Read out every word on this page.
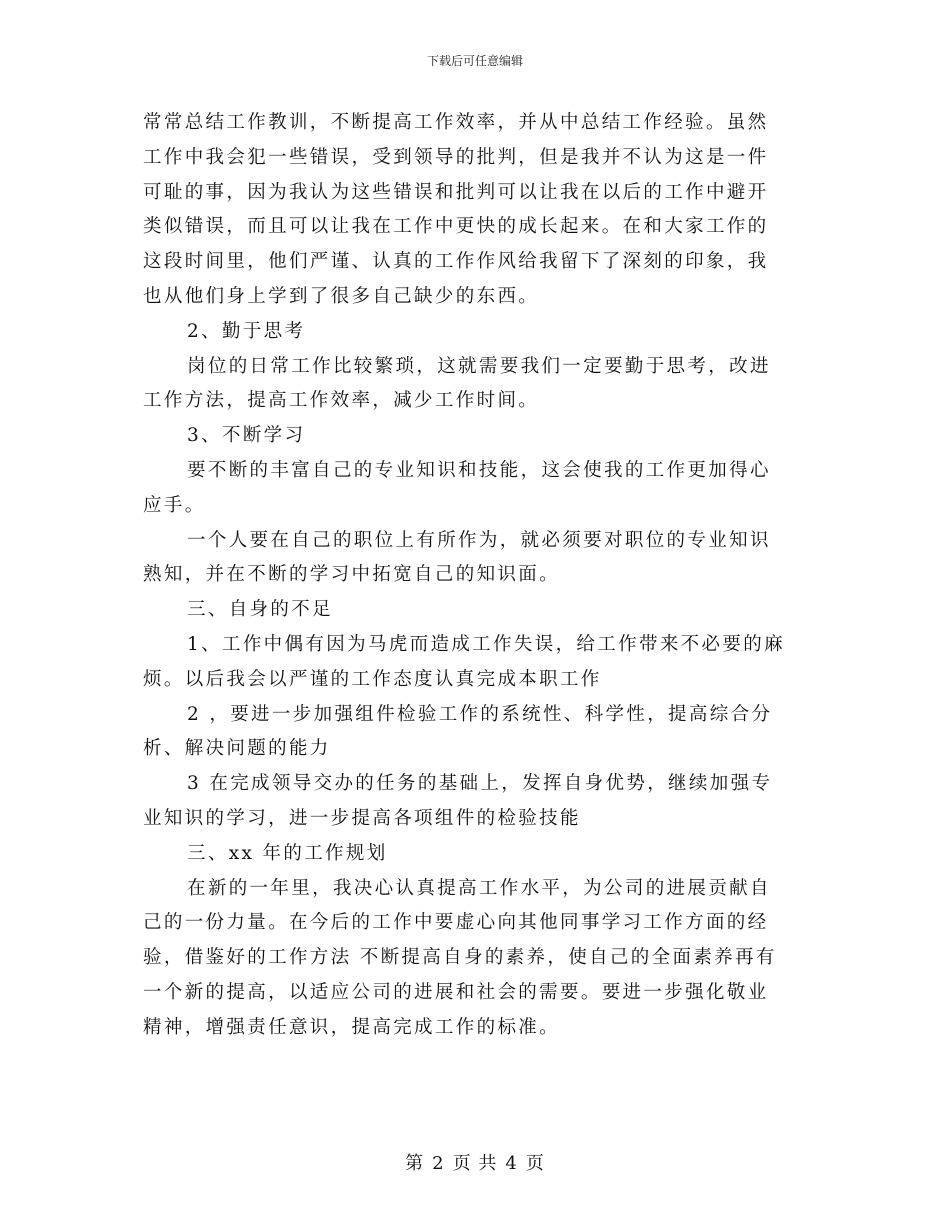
下载后可任意编辑
常常总结工作教训，不断提高工作效率，并从中总结工作经验。虽然
工作中我会犯一些错误，受到领导的批判，但是我并不认为这是一件
可耻的事，因为我认为这些错误和批判可以让我在以后的工作中避开
类似错误，而且可以让我在工作中更快的成长起来。在和大家工作的
这段时间里，他们严谨、认真的工作作风给我留下了深刻的印象，我
也从他们身上学到了很多自己缺少的东西。
2、勤于思考
岗位的日常工作比较繁琐，这就需要我们一定要勤于思考，改进
工作方法，提高工作效率，减少工作时间。
3、不断学习
要不断的丰富自己的专业知识和技能，这会使我的工作更加得心
应手。
一个人要在自己的职位上有所作为，就必须要对职位的专业知识
熟知，并在不断的学习中拓宽自己的知识面。
三、自身的不足
1、工作中偶有因为马虎而造成工作失误，给工作带来不必要的麻
烦。以后我会以严谨的工作态度认真完成本职工作
2 ，要进一步加强组件检验工作的系统性、科学性，提高综合分
析、解决问题的能力
3 在完成领导交办的任务的基础上，发挥自身优势，继续加强专
业知识的学习，进一步提高各项组件的检验技能
三、xx 年的工作规划
在新的一年里，我决心认真提高工作水平，为公司的进展贡献自
己的一份力量。在今后的工作中要虚心向其他同事学习工作方面的经
验，借鉴好的工作方法 不断提高自身的素养，使自己的全面素养再有
一个新的提高，以适应公司的进展和社会的需要。要进一步强化敬业
精神，增强责任意识，提高完成工作的标准。
第 2 页 共 4 页
